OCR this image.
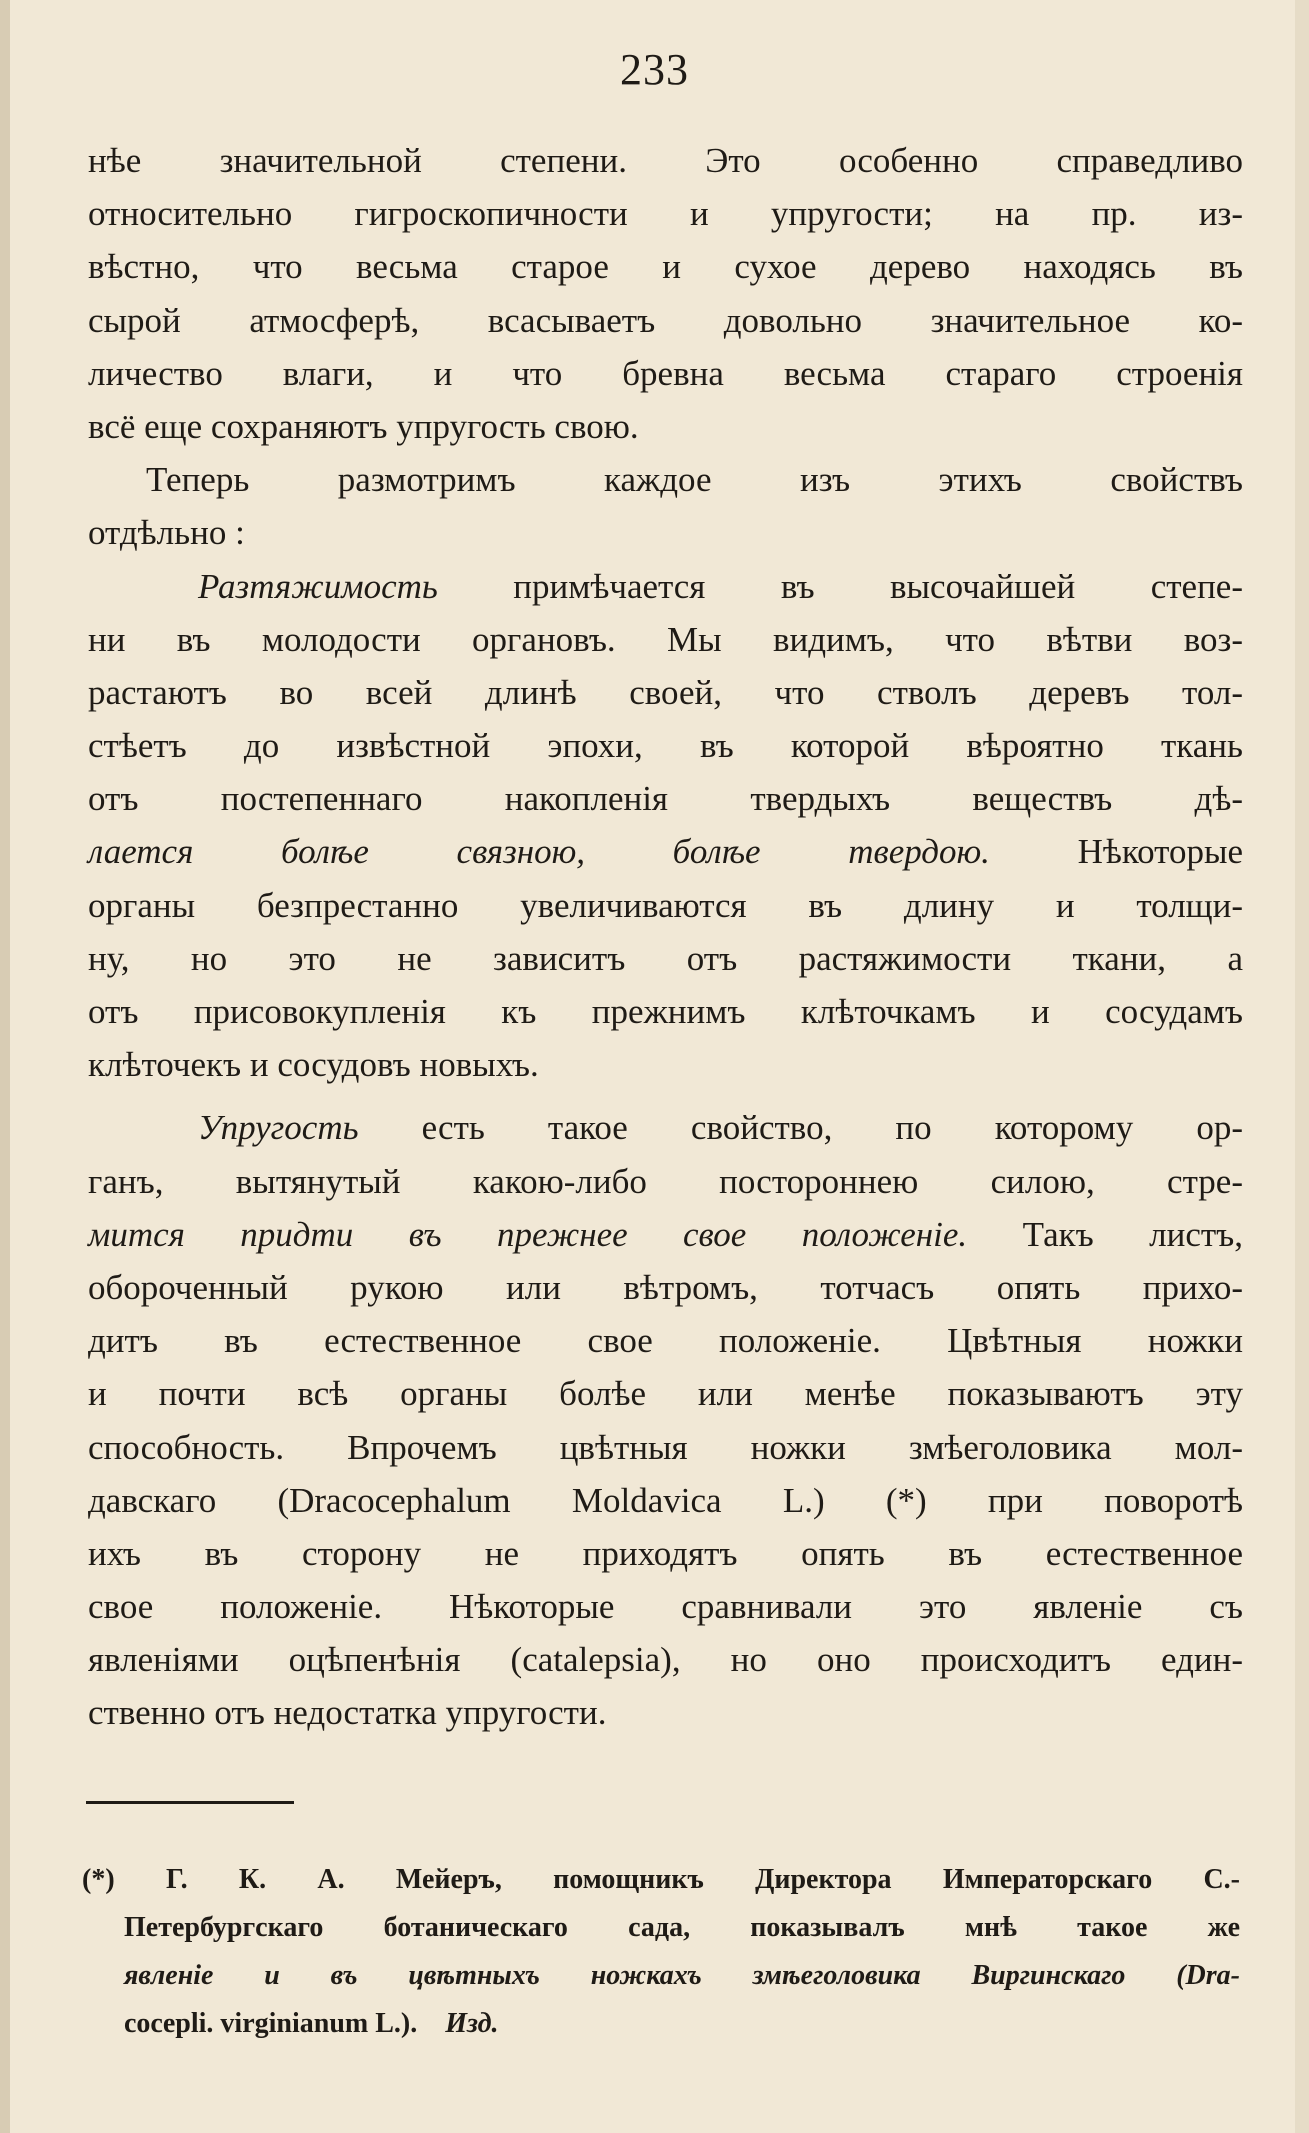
233
нѣе значительной степени. Это особенно справедливо
относительно гигроскопичности и упругости; на пр. из-
вѣстно, что весьма старое и сухое дерево находясь въ
сырой атмосферѣ, всасываетъ довольно значительное ко-
личество влаги, и что бревна весьма стараго строенія
всё еще сохраняютъ упругость свою.
Теперь размотримъ каждое изъ этихъ свойствъ
отдѣльно :
Разтяжимость примѣчается въ высочайшей степе-
ни въ молодости органовъ. Мы видимъ, что вѣтви воз-
растаютъ во всей длинѣ своей, что стволъ деревъ тол-
стѣетъ до извѣстной эпохи, въ которой вѣроятно ткань
отъ постепеннаго накопленія твердыхъ веществъ дѣ-
лается болѣе связною, болѣе твердою.	Нѣкоторые
органы безпрестанно увеличиваются въ длину и толщи-
ну, но это не зависитъ отъ растяжимости ткани, а
отъ присовокупленія къ прежнимъ клѣточкамъ и сосудамъ
клѣточекъ и сосудовъ новыхъ.
Упругость есть такое свойство, по которому ор-
ганъ, вытянутый какою-либо постороннею силою, стре-
мится придти въ прежнее свое положеніе. Такъ листъ,
обороченный рукою или вѣтромъ, тотчасъ опять прихо-
дитъ въ естественное свое положеніе. Цвѣтныя ножки
и почти всѣ органы болѣе или менѣе показываютъ эту
способность. Впрочемъ цвѣтныя ножки змѣеголовика мол-
давскаго (Dracocephalum Moldavica L.) (*) при поворотѣ
ихъ въ сторону не приходятъ опять въ естественное
свое положеніе. Нѣкоторые сравнивали это явленіе съ
явленіями оцѣпенѣнія (catalepsia), но оно происходитъ един-
ственно отъ недостатка упругости.
(*) Г. К. А. Мейеръ, помощникъ Директора Императорскаго С.-
Петербургскаго ботаническаго сада, показывалъ мнѣ такое же
явленіе и въ цвѣтныхъ ножкахъ змѣеголовика Виргинскаго (Dra-
cocepli. virginianum L.). Изд.
